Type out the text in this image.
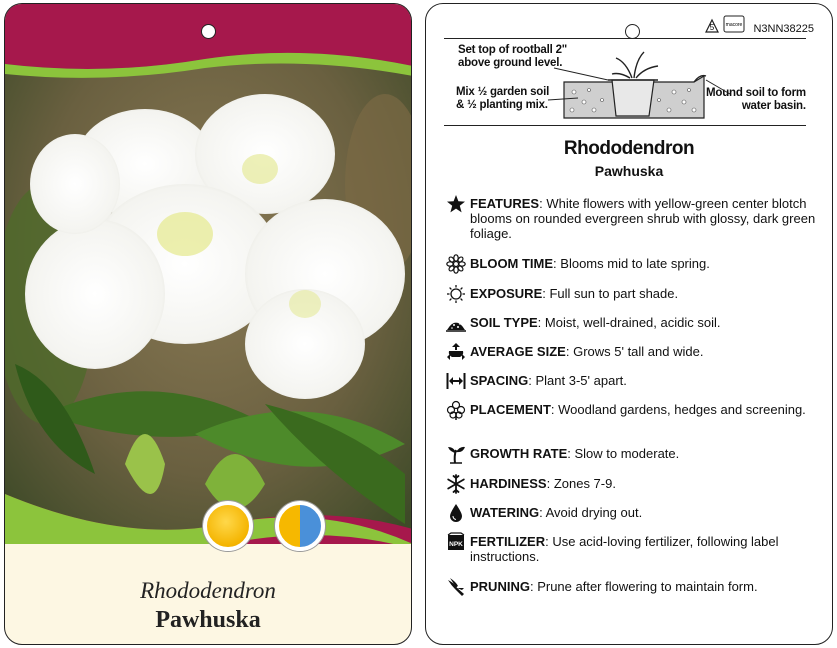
Rhododendron
Pawhuska
5 macore N3NN38225
Set top of rootball 2"
above ground level.
Mix ½ garden soil
& ½ planting mix.
Mound soil to form
water basin.
Rhododendron
Pawhuska
FEATURES: White flowers with yellow-green center blotch blooms on rounded evergreen shrub with glossy, dark green foliage.
BLOOM TIME: Blooms mid to late spring.
EXPOSURE: Full sun to part shade.
SOIL TYPE: Moist, well-drained, acidic soil.
AVERAGE SIZE: Grows 5' tall and wide.
SPACING: Plant 3-5' apart.
PLACEMENT: Woodland gardens, hedges and screening.
GROWTH RATE: Slow to moderate.
HARDINESS: Zones 7-9.
WATERING: Avoid drying out.
NPK FERTILIZER: Use acid-loving fertilizer, following label instructions.
PRUNING: Prune after flowering to maintain form.
